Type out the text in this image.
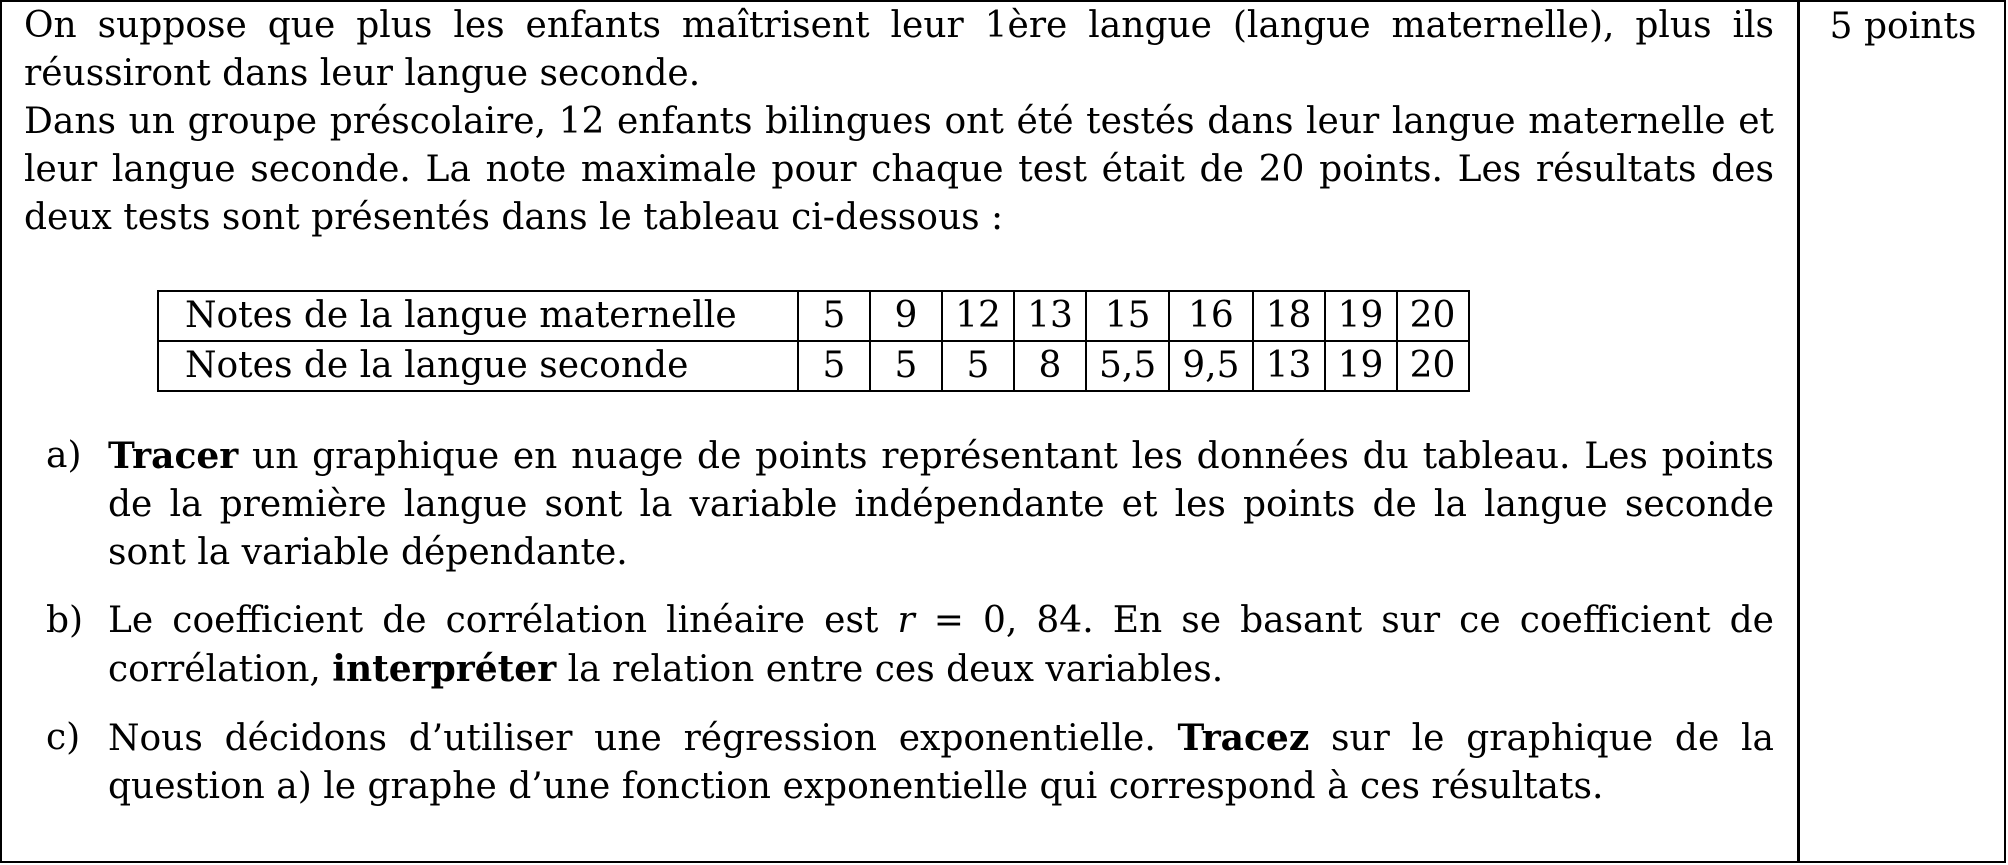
5 points

On suppose que plus les enfants maîtrisent leur 1ère langue (langue maternelle), plus ils réussiront dans leur langue seconde.

Dans un groupe préscolaire, 12 enfants bilingues ont été testés dans leur langue maternelle et leur langue seconde. La note maximale pour chaque test était de 20 points. Les résultats des deux tests sont présentés dans le tableau ci-dessous :

Notes de la langue maternelle	5	9	12	13	15	16	18	19	20
Notes de la langue seconde	5	5	5	8	5,5	9,5	13	19	20
a) Tracer un graphique en nuage de points représentant les données du tableau. Les points de la première langue sont la variable indépendante et les points de la langue seconde sont la variable dépendante.
b) Le coefficient de corrélation linéaire est r = 0, 84. En se basant sur ce coefficient de corrélation, interpréter la relation entre ces deux variables.
c) Nous décidons d’utiliser une régression exponentielle. Tracez sur le graphique de la question a) le graphe d’une fonction exponentielle qui correspond à ces résultats.
